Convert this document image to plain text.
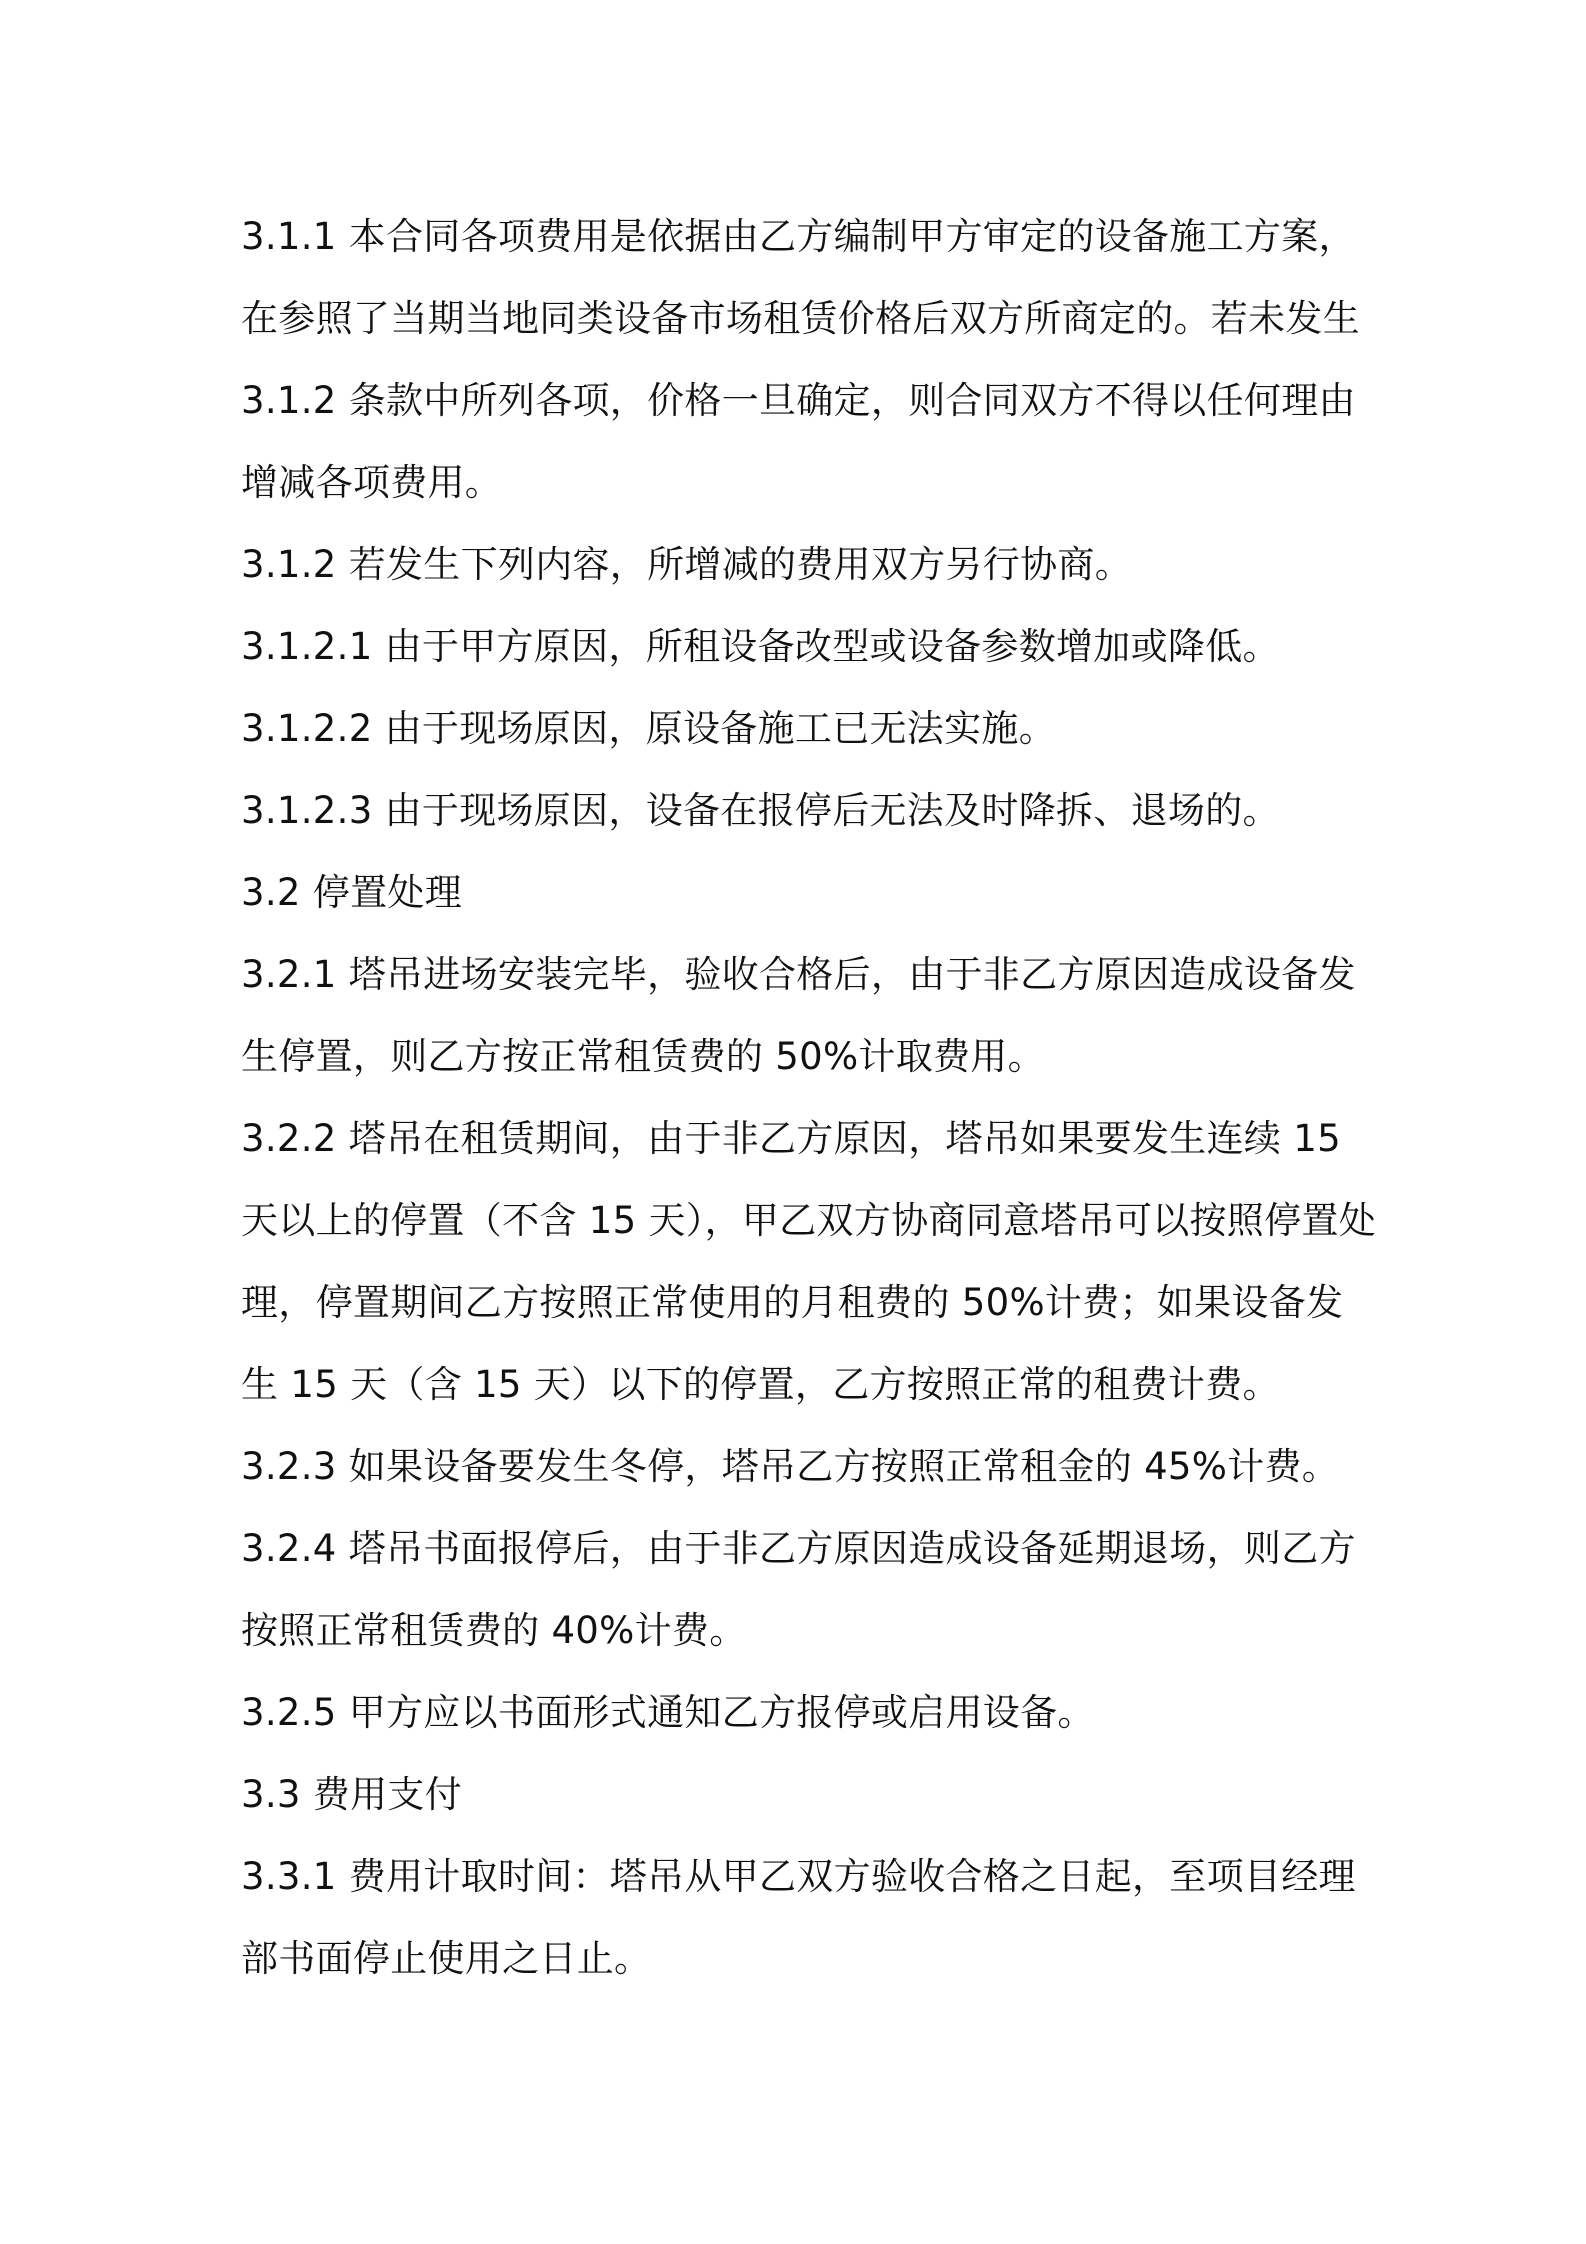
3.1.1 本合同各项费用是依据由乙方编制甲方审定的设备施工方案，
在参照了当期当地同类设备市场租赁价格后双方所商定的。若未发生
3.1.2 条款中所列各项，价格一旦确定，则合同双方不得以任何理由
增减各项费用。
3.1.2 若发生下列内容，所增减的费用双方另行协商。
3.1.2.1 由于甲方原因，所租设备改型或设备参数增加或降低。
3.1.2.2 由于现场原因，原设备施工已无法实施。
3.1.2.3 由于现场原因，设备在报停后无法及时降拆、退场的。
3.2 停置处理
3.2.1 塔吊进场安装完毕，验收合格后，由于非乙方原因造成设备发
生停置，则乙方按正常租赁费的 50%计取费用。
3.2.2 塔吊在租赁期间，由于非乙方原因，塔吊如果要发生连续 15
天以上的停置（不含 15 天），甲乙双方协商同意塔吊可以按照停置处
理，停置期间乙方按照正常使用的月租费的 50%计费；如果设备发
生 15 天（含 15 天）以下的停置，乙方按照正常的租费计费。
3.2.3 如果设备要发生冬停，塔吊乙方按照正常租金的 45%计费。
3.2.4 塔吊书面报停后，由于非乙方原因造成设备延期退场，则乙方
按照正常租赁费的 40%计费。
3.2.5 甲方应以书面形式通知乙方报停或启用设备。
3.3 费用支付
3.3.1 费用计取时间：塔吊从甲乙双方验收合格之日起，至项目经理
部书面停止使用之日止。
